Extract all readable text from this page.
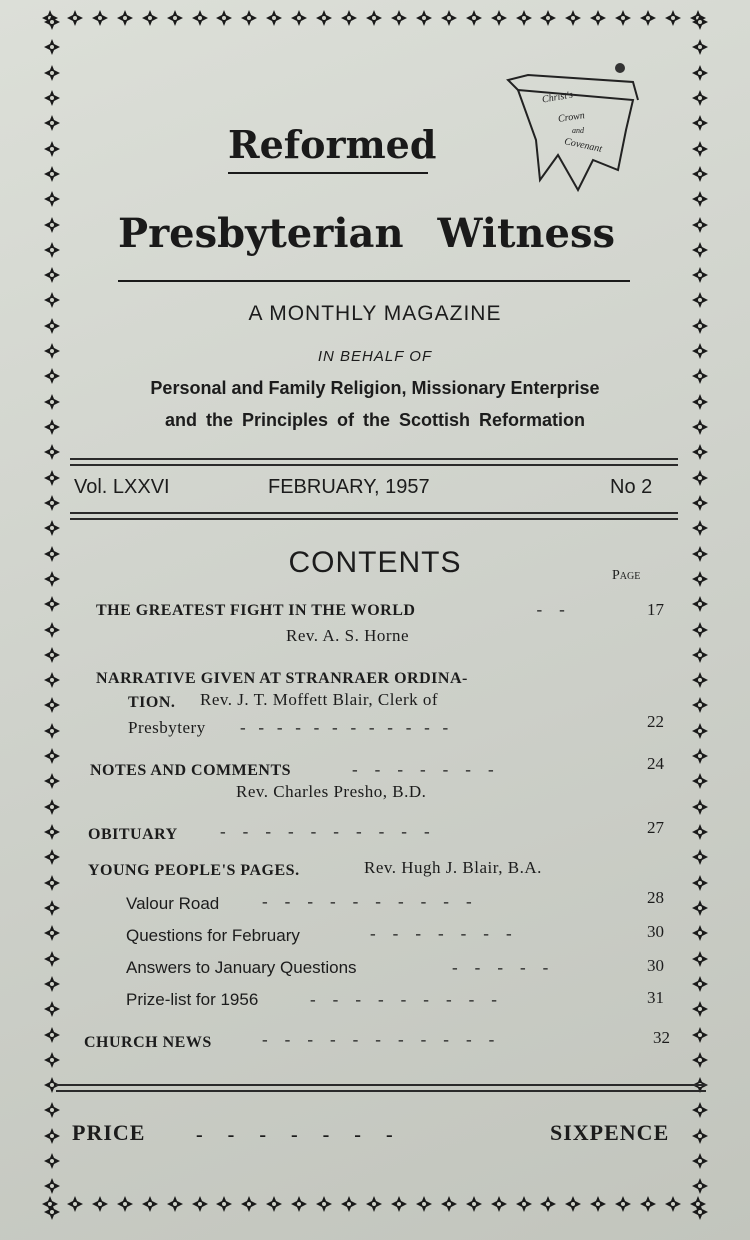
Christ's
Crown
and
Covenant
Reformed
Presbyterian Witness
A MONTHLY MAGAZINE
IN BEHALF OF
Personal and Family Religion, Missionary Enterprise
and the Principles of the Scottish Reformation
Vol. LXXVI	FEBRUARY, 1957	No 2
CONTENTS	Page
THE GREATEST FIGHT IN THE WORLD	-    -	17
Rev. A. S. Horne
NARRATIVE GIVEN AT STRANRAER ORDINA-
TION. Rev. J. T. Moffett Blair, Clerk of
Presbytery -   -   -   -   -   -   -   -   -   -   -   -	22
NOTES AND COMMENTS	-    -    -    -    -    -    -	24
Rev. Charles Presho, B.D.
OBITUARY -    -    -    -    -    -    -    -    -    -	27
YOUNG PEOPLE'S PAGES.	Rev. Hugh J. Blair, B.A.
Valour Road	-    -    -    -    -    -    -    -    -    -	28
Questions for February	-    -    -    -    -    -    -	30
Answers to January Questions	-    -    -    -    -	30
Prize-list for 1956	-    -    -    -    -    -    -    -    -	31
CHURCH NEWS	-    -    -    -    -    -    -    -    -    -    -	32
PRICE	-     -     -     -     -     -     -	SIXPENCE
